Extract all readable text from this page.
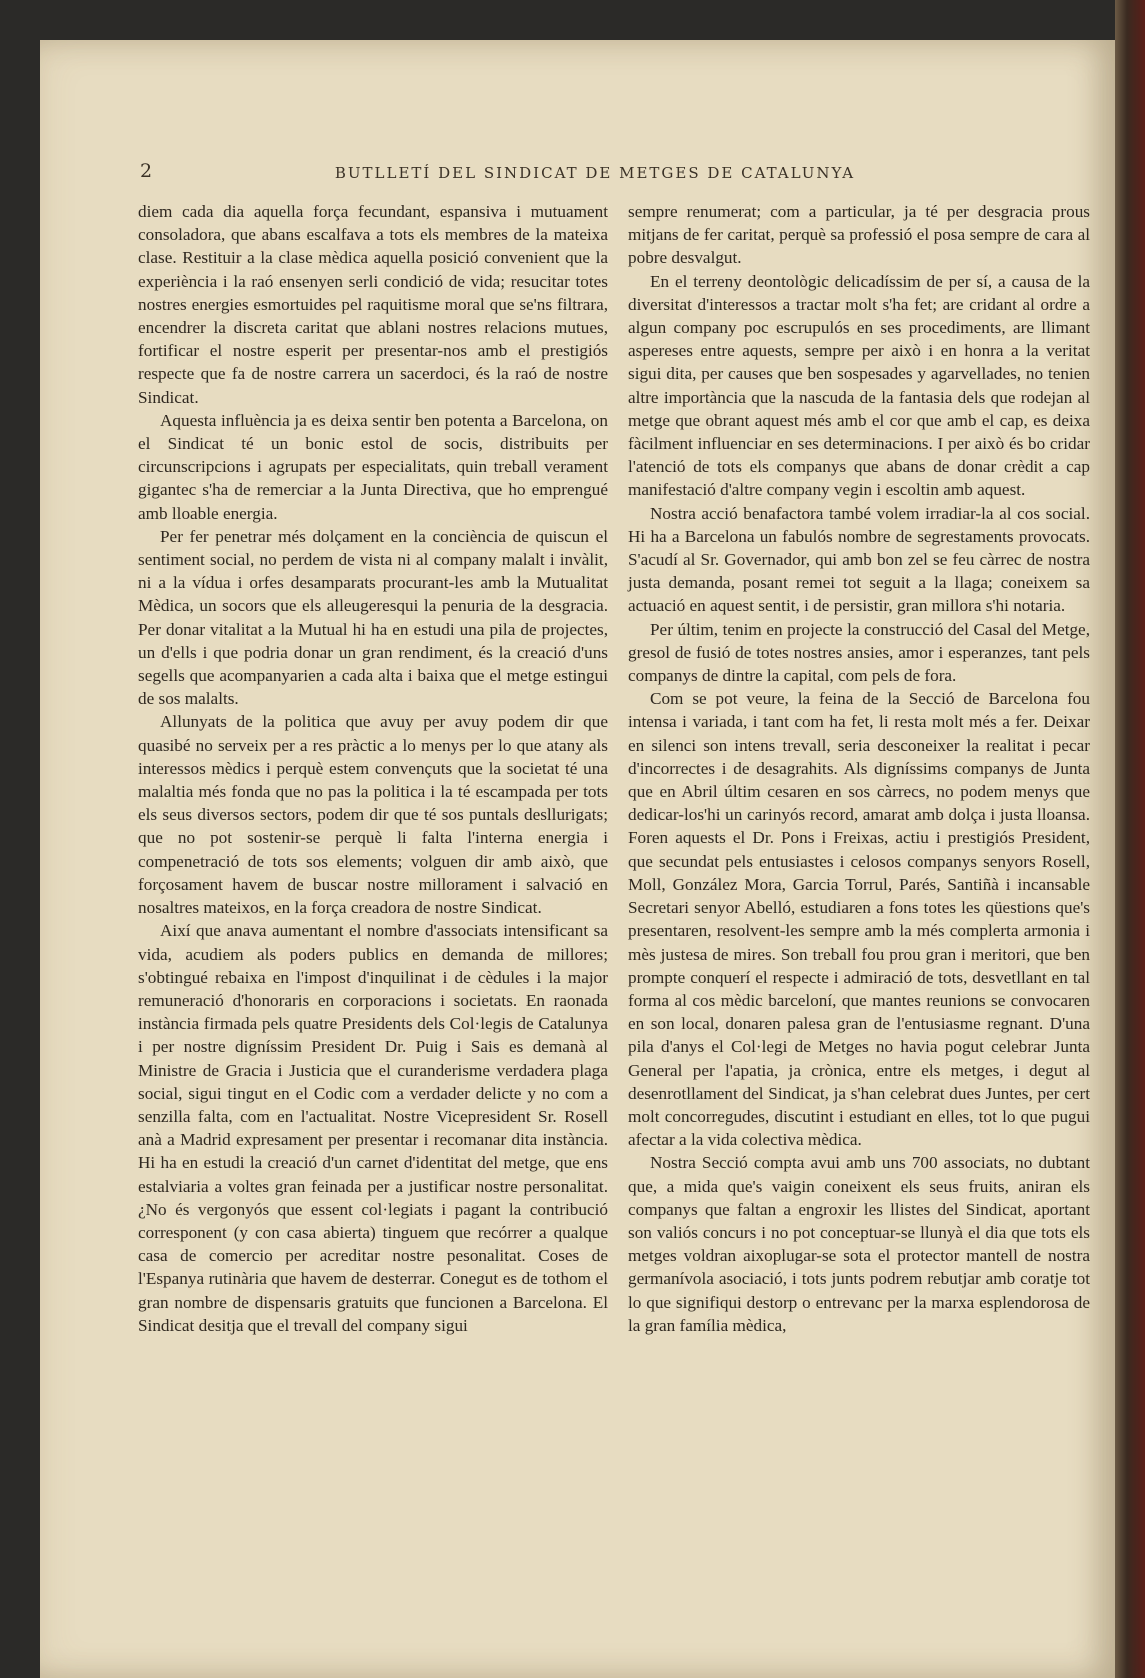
2	BUTLLETÍ DEL SINDICAT DE METGES DE CATALUNYA

diem cada dia aquella força fecundant, espansiva i mutuament consoladora, que abans escalfava a tots els membres de la mateixa clase. Restituir a la clase mèdica aquella posició convenient que la experiència i la raó ensenyen serli condició de vida; resucitar totes nostres energies esmortuides pel raquitisme moral que se'ns filtrara, encendrer la discreta caritat que ablani nostres relacions mutues, fortificar el nostre esperit per presentar-nos amb el prestigiós respecte que fa de nostre carrera un sacerdoci, és la raó de nostre Sindicat.

Aquesta influència ja es deixa sentir ben potenta a Barcelona, on el Sindicat té un bonic estol de socis, distribuits per circunscripcions i agrupats per especialitats, quin treball verament gigantec s'ha de remerciar a la Junta Directiva, que ho emprengué amb lloable energia.

Per fer penetrar més dolçament en la conciència de quiscun el sentiment social, no perdem de vista ni al company malalt i invàlit, ni a la vídua i orfes desamparats procurant-les amb la Mutualitat Mèdica, un socors que els alleugeresqui la penuria de la desgracia. Per donar vitalitat a la Mutual hi ha en estudi una pila de projectes, un d'ells i que podria donar un gran rendiment, és la creació d'uns segells que acompanyarien a cada alta i baixa que el metge estingui de sos malalts.

Allunyats de la politica que avuy per avuy podem dir que quasibé no serveix per a res pràctic a lo menys per lo que atany als interessos mèdics i perquè estem convençuts que la societat té una malaltia més fonda que no pas la politica i la té escampada per tots els seus diversos sectors, podem dir que té sos puntals desllurigats; que no pot sostenir-se perquè li falta l'interna energia i compenetració de tots sos elements; volguen dir amb això, que forçosament havem de buscar nostre millorament i salvació en nosaltres mateixos, en la força creadora de nostre Sindicat.

Així que anava aumentant el nombre d'associats intensificant sa vida, acudiem als poders publics en demanda de millores; s'obtingué rebaixa en l'impost d'inquilinat i de cèdules i la major remuneració d'honoraris en corporacions i societats. En raonada instància firmada pels quatre Presidents dels Col·legis de Catalunya i per nostre digníssim President Dr. Puig i Sais es demanà al Ministre de Gracia i Justicia que el curanderisme verdadera plaga social, sigui tingut en el Codic com a verdader delicte y no com a senzilla falta, com en l'actualitat. Nostre Vicepresident Sr. Rosell anà a Madrid expresament per presentar i recomanar dita instància. Hi ha en estudi la creació d'un carnet d'identitat del metge, que ens estalviaria a voltes gran feinada per a justificar nostre personalitat. ¿No és vergonyós que essent col·legiats i pagant la contribució corresponent (y con casa abierta) tinguem que recórrer a qualque casa de comercio per acreditar nostre pesonalitat. Coses de l'Espanya rutinària que havem de desterrar. Conegut es de tothom el gran nombre de dispensaris gratuits que funcionen a Barcelona. El Sindicat desitja que el trevall del company sigui

sempre renumerat; com a particular, ja té per desgracia prous mitjans de fer caritat, perquè sa professió el posa sempre de cara al pobre desvalgut.

En el terreny deontològic delicadíssim de per sí, a causa de la diversitat d'interessos a tractar molt s'ha fet; are cridant al ordre a algun company poc escrupulós en ses procediments, are llimant aspereses entre aquests, sempre per això i en honra a la veritat sigui dita, per causes que ben sospesades y agarvellades, no tenien altre importància que la nascuda de la fantasia dels que rodejan al metge que obrant aquest més amb el cor que amb el cap, es deixa fàcilment influenciar en ses determinacions. I per això és bo cridar l'atenció de tots els companys que abans de donar crèdit a cap manifestació d'altre company vegin i escoltin amb aquest.

Nostra acció benafactora també volem irradiar-la al cos social. Hi ha a Barcelona un fabulós nombre de segrestaments provocats. S'acudí al Sr. Governador, qui amb bon zel se feu càrrec de nostra justa demanda, posant remei tot seguit a la llaga; coneixem sa actuació en aquest sentit, i de persistir, gran millora s'hi notaria.

Per últim, tenim en projecte la construcció del Casal del Metge, gresol de fusió de totes nostres ansies, amor i esperanzes, tant pels companys de dintre la capital, com pels de fora.

Com se pot veure, la feina de la Secció de Barcelona fou intensa i variada, i tant com ha fet, li resta molt més a fer. Deixar en silenci son intens trevall, seria desconeixer la realitat i pecar d'incorrectes i de desagrahits. Als digníssims companys de Junta que en Abril últim cesaren en sos càrrecs, no podem menys que dedicar-los'hi un carinyós record, amarat amb dolça i justa lloansa. Foren aquests el Dr. Pons i Freixas, actiu i prestigiós President, que secundat pels entusiastes i celosos companys senyors Rosell, Moll, González Mora, Garcia Torrul, Parés, Santiñà i incansable Secretari senyor Abelló, estudiaren a fons totes les qüestions que's presentaren, resolvent-les sempre amb la més complerta armonia i mès justesa de mires. Son treball fou prou gran i meritori, que ben prompte conquerí el respecte i admiració de tots, desvetllant en tal forma al cos mèdic barceloní, que mantes reunions se convocaren en son local, donaren palesa gran de l'entusiasme regnant. D'una pila d'anys el Col·legi de Metges no havia pogut celebrar Junta General per l'apatia, ja crònica, entre els metges, i degut al desenrotllament del Sindicat, ja s'han celebrat dues Juntes, per cert molt concorregudes, discutint i estudiant en elles, tot lo que pugui afectar a la vida colectiva mèdica.

Nostra Secció compta avui amb uns 700 associats, no dubtant que, a mida que's vaigin coneixent els seus fruits, aniran els companys que faltan a engroxir les llistes del Sindicat, aportant son valiós concurs i no pot conceptuar-se llunyà el dia que tots els metges voldran aixoplugar-se sota el protector mantell de nostra germanívola asociació, i tots junts podrem rebutjar amb coratje tot lo que signifiqui destorp o entrevanc per la marxa esplendorosa de la gran família mèdica,
